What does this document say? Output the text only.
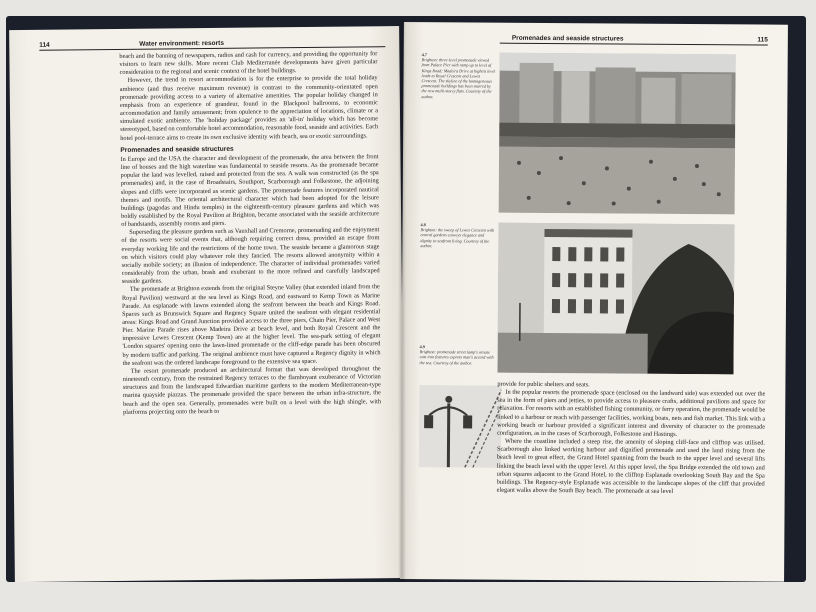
114	Water environment: resorts

beach and the banning of newspapers, radios and cash for currency, and providing the opportunity for visitors to learn new skills. More recent Club Mediterranée developments have given particular consideration to the regional and scenic context of the hotel buildings.

However, the trend in resort accommodation is for the enterprise to provide the total holiday ambience (and thus receive maximum revenue) in contrast to the community-orientated open promenade providing access to a variety of alternative amenities. The popular holiday changed in emphasis from an experience of grandeur, found in the Blackpool ballrooms, to economic accommodation and family amusement; from opulence to the appreciation of locations, climate or a simulated exotic ambience. The 'holiday package' provides an 'all-in' holiday which has become stereotyped, based on comfortable hotel accommodation, reasonable food, seaside and activities. Each hotel pool-terrace aims to create its own exclusive identity with beach, sea or exotic surroundings.

Promenades and seaside structures

In Europe and the USA the character and development of the promenade, the area between the front line of houses and the high waterline was fundamental to seaside resorts. As the promenade became popular the land was levelled, raised and protected from the sea. A walk was constructed (as the spa promenades) and, in the case of Broadstairs, Southport, Scarborough and Folkestone, the adjoining slopes and cliffs were incorporated as scenic gardens. The promenade features incorporated nautical themes and motifs. The oriental architectural character which had been adopted for the leisure buildings (pagodas and Hindu temples) in the eighteenth-century pleasure gardens and which was boldly established by the Royal Pavilion at Brighton, became associated with the seaside architecture of bandstands, assembly rooms and piers.

Superseding the pleasure gardens such as Vauxhall and Cremorne, promenading and the enjoyment of the resorts were social events that, although requiring correct dress, provided an escape from everyday working life and the restrictions of the home town. The seaside became a glamorous stage on which visitors could play whatever role they fancied. The resorts allowed anonymity within a socially mobile society; an illusion of independence. The character of individual promenades varied considerably from the urban, brash and exuberant to the more refined and carefully landscaped seaside gardens.

The promenade at Brighton extends from the original Steyne Valley (that extended inland from the Royal Pavilion) westward at the sea level as Kings Road, and eastward to Kemp Town as Marine Parade. An esplanade with lawns extended along the seafront between the beach and Kings Road. Spaces such as Brunswick Square and Regency Square united the seafront with elegant residential areas: Kings Road and Grand Junction provided access to the three piers, Chain Pier, Palace and West Pier. Marine Parade rises above Madeira Drive at beach level, and both Royal Crescent and the impressive Lewes Crescent (Kemp Town) are at the higher level. The sea-park setting of elegant 'London squares' opening onto the lawn-lined promenade or the cliff-edge parade has been obscured by modern traffic and parking. The original ambience must have captured a Regency dignity in which the seafront was the ordered landscape foreground to the extensive sea space.

The resort promenade produced an architectural format that was developed throughout the nineteenth century, from the restrained Regency terraces to the flamboyant exuberance of Victorian structures and from the landscaped Edwardian maritime gardens to the modern Mediterranean-type marina quayside piazzas. The promenade provided the space between the urban infra-structure, the beach and the open sea. Generally, promenades were built on a level with the high shingle, with platforms projecting onto the beach to

Promenades and seaside structures	115
4.7
Brighton: three-level promenade viewed from Palace Pier with ramp up to level of Kings Road; Madeira Drive at highest level leads to Royal Crescent and Lewes Crescent. The skyline of the homogeneous promenade buildings has been marred by the new multi-storey flats. Courtesy of the author.
4.8
Brighton: the sweep of Lewes Crescent with central gardens conveys elegance and dignity to seafront living. Courtesy of the author.
4.9
Brighton: promenade street lamp's ornate cast iron features express man's accord with the sea. Courtesy of the author.

provide for public shelters and seats.

In the popular resorts the promenade space (enclosed on the landward side) was extended out over the sea in the form of piers and jetties, to provide access to pleasure crafts, additional pavilions and space for relaxation. For resorts with an established fishing community, or ferry operation, the promenade would be linked to a harbour or reach with passenger facilities, working boats, nets and fish market. This link with a working beach or harbour provided a significant interest and diversity of character to the promenade configuration, as in the cases of Scarborough, Folkestone and Hastings.

Where the coastline included a steep rise, the amenity of sloping cliff-face and clifftop was utilised. Scarborough also linked working harbour and dignified promenade and used the land rising from the beach level to great effect, the Grand Hotel spanning from the beach to the upper level and several lifts linking the beach level with the upper level. At this upper level, the Spa Bridge extended the old town and urban squares adjacent to the Grand Hotel, to the clifftop Esplanade overlooking South Bay and the Spa buildings. The Regency-style Esplanade was accessible to the landscape slopes of the cliff that provided elegant walks above the South Bay beach. The promenade at sea level
